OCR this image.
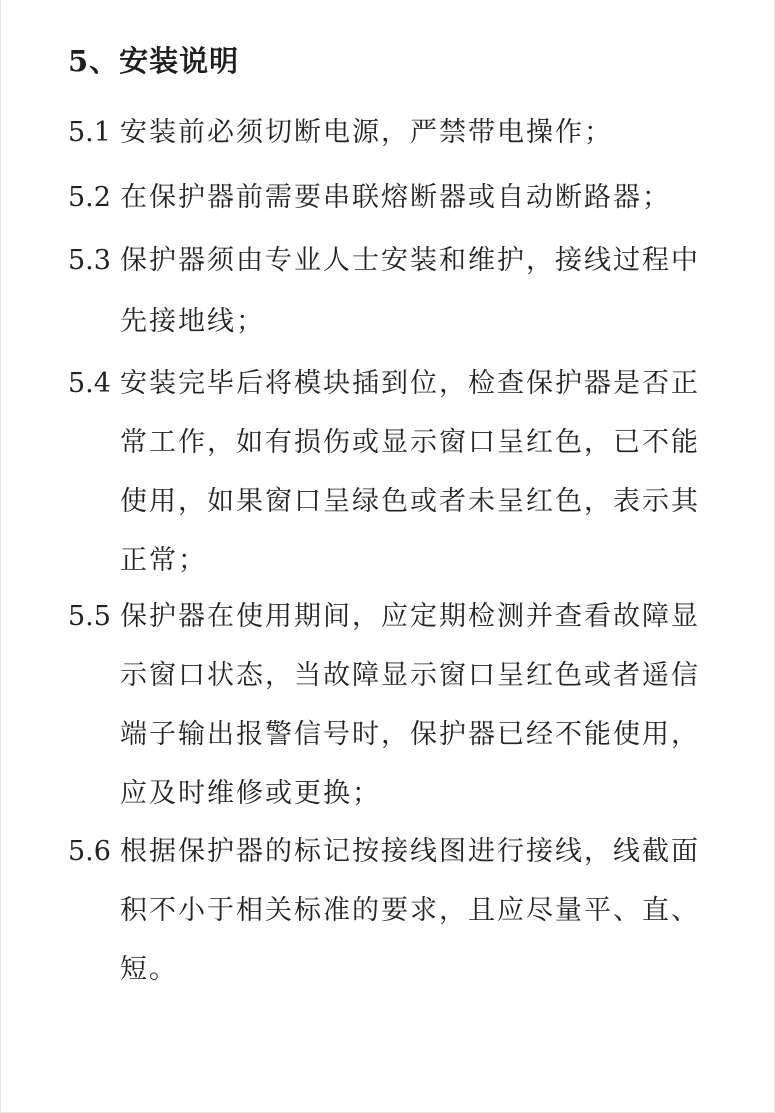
5、安装说明
5.1 安装前必须切断电源，严禁带电操作；
5.2 在保护器前需要串联熔断器或自动断路器；
5.3 保护器须由专业人士安装和维护，接线过程中
先接地线；
5.4 安装完毕后将模块插到位，检查保护器是否正
常工作，如有损伤或显示窗口呈红色，已不能
使用，如果窗口呈绿色或者未呈红色，表示其
正常；
5.5 保护器在使用期间，应定期检测并查看故障显
示窗口状态，当故障显示窗口呈红色或者遥信
端子输出报警信号时，保护器已经不能使用，
应及时维修或更换；
5.6 根据保护器的标记按接线图进行接线，线截面
积不小于相关标准的要求，且应尽量平、直、
短。
